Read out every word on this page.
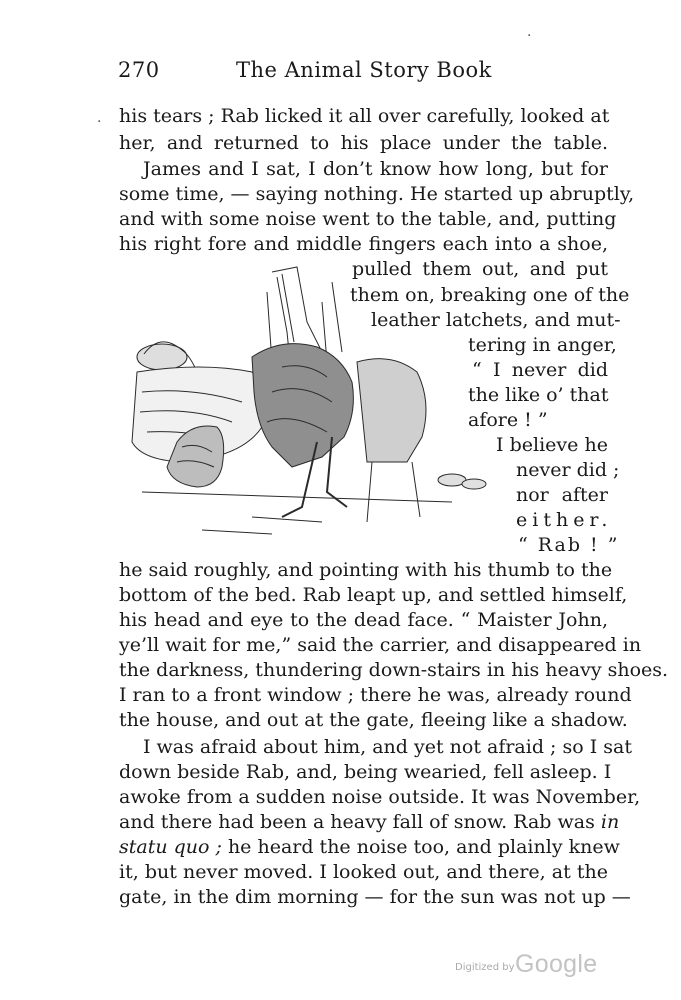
270	The Animal Story Book
·
·
his tears ; Rab licked it all over carefully, looked at
her, and returned to his place under the table.
James and I sat, I don’t know how long, but for
some time, — saying nothing. He started up abruptly,
and with some noise went to the table, and, putting
his right fore and middle fingers each into a shoe,
pulled them out, and put
them on, breaking one of the
leather latchets, and mut-
tering in anger,
“ I never did
the like o’ that
afore ! ”
I believe he
never did ;
nor after
either.
“ Rab ! ”
he said roughly, and pointing with his thumb to the
bottom of the bed. Rab leapt up, and settled himself,
his head and eye to the dead face. “ Maister John,
ye’ll wait for me,” said the carrier, and disappeared in
the darkness, thundering down-stairs in his heavy shoes.
I ran to a front window ; there he was, already round
the house, and out at the gate, fleeing like a shadow.
I was afraid about him, and yet not afraid ; so I sat
down beside Rab, and, being wearied, fell asleep. I
awoke from a sudden noise outside. It was November,
and there had been a heavy fall of snow. Rab was in
statu quo ; he heard the noise too, and plainly knew
it, but never moved. I looked out, and there, at the
gate, in the dim morning — for the sun was not up —
Digitized by Google
